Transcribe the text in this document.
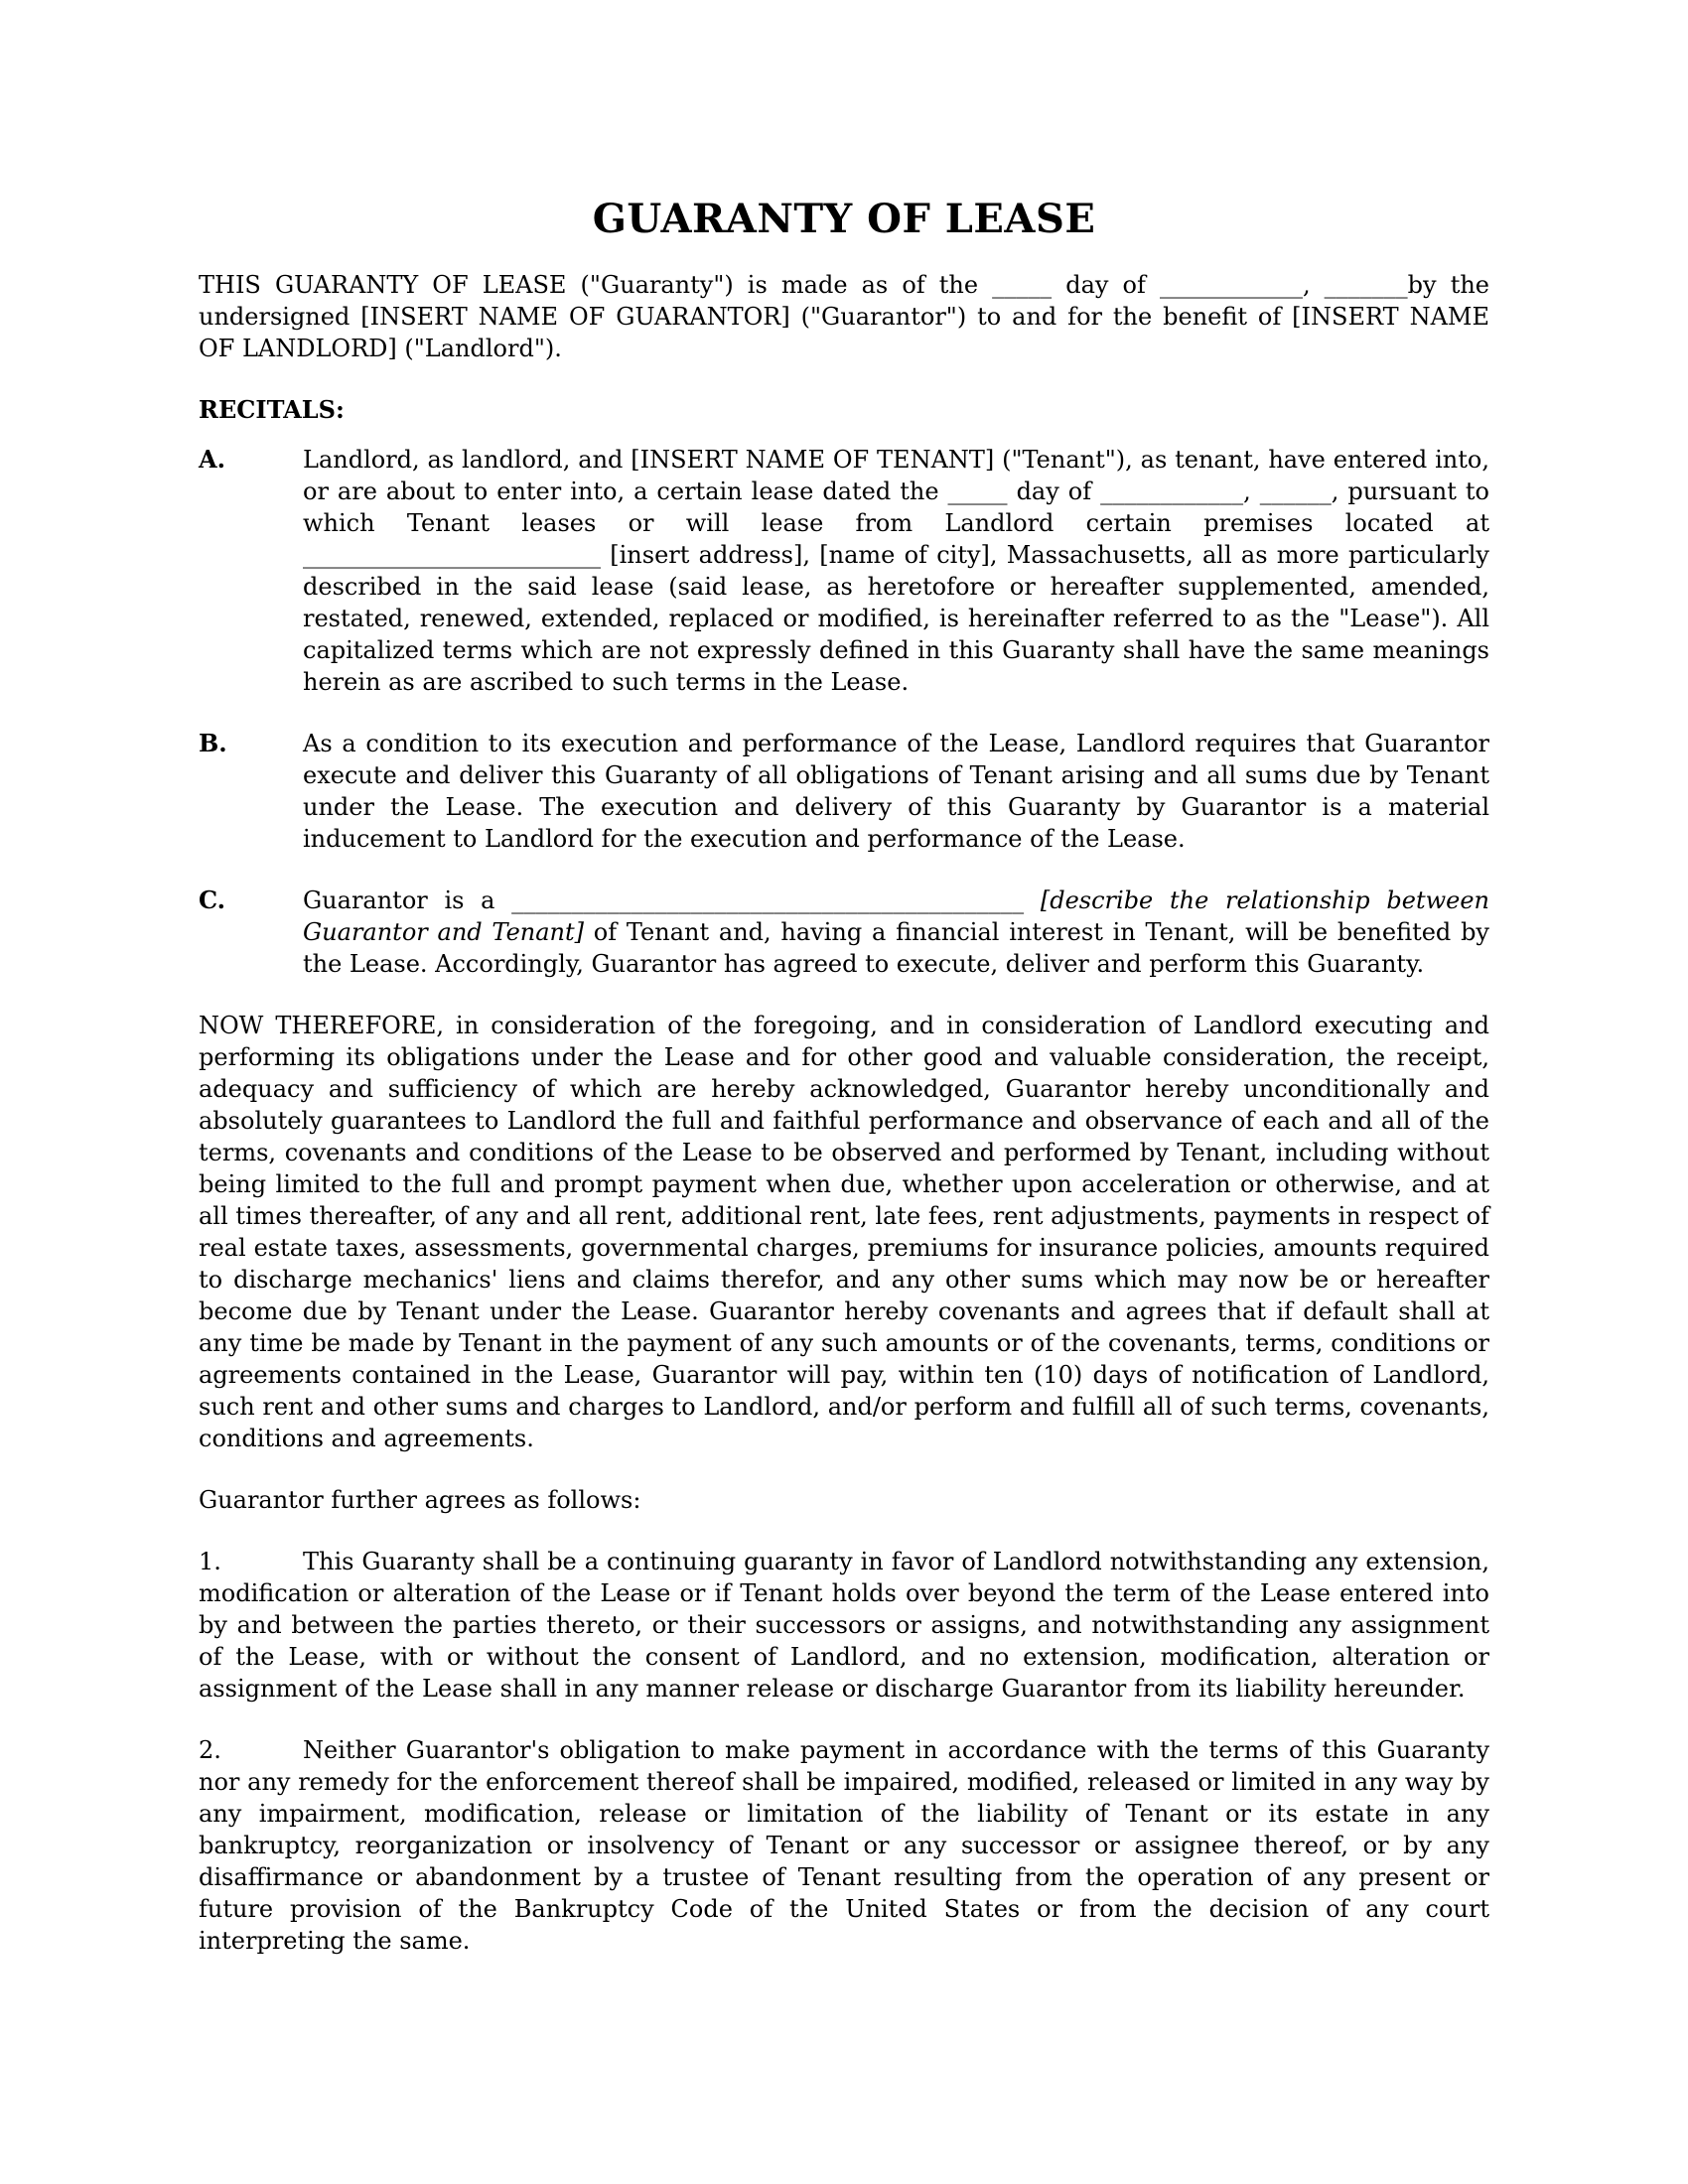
GUARANTY OF LEASE

THIS GUARANTY OF LEASE ("Guaranty") is made as of the _____ day of ____________, _______by the undersigned [INSERT NAME OF GUARANTOR] ("Guarantor") to and for the benefit of [INSERT NAME OF LANDLORD] ("Landlord").

RECITALS:

A.	Landlord, as landlord, and [INSERT NAME OF TENANT] ("Tenant"), as tenant, have entered into, or are about to enter into, a certain lease dated the _____ day of ____________, ______, pursuant to which Tenant leases or will lease from Landlord certain premises located at _________________________ [insert address], [name of city], Massachusetts, all as more particularly described in the said lease (said lease, as heretofore or hereafter supplemented, amended, restated, renewed, extended, replaced or modified, is hereinafter referred to as the "Lease"). All capitalized terms which are not expressly defined in this Guaranty shall have the same meanings herein as are ascribed to such terms in the Lease.

B.	As a condition to its execution and performance of the Lease, Landlord requires that Guarantor execute and deliver this Guaranty of all obligations of Tenant arising and all sums due by Tenant under the Lease. The execution and delivery of this Guaranty by Guarantor is a material inducement to Landlord for the execution and performance of the Lease.

C.	Guarantor is a ___________________________________________ [describe the relationship between Guarantor and Tenant] of Tenant and, having a financial interest in Tenant, will be benefited by the Lease. Accordingly, Guarantor has agreed to execute, deliver and perform this Guaranty.

NOW THEREFORE, in consideration of the foregoing, and in consideration of Landlord executing and performing its obligations under the Lease and for other good and valuable consideration, the receipt, adequacy and sufficiency of which are hereby acknowledged, Guarantor hereby unconditionally and absolutely guarantees to Landlord the full and faithful performance and observance of each and all of the terms, covenants and conditions of the Lease to be observed and performed by Tenant, including without being limited to the full and prompt payment when due, whether upon acceleration or otherwise, and at all times thereafter, of any and all rent, additional rent, late fees, rent adjustments, payments in respect of real estate taxes, assessments, governmental charges, premiums for insurance policies, amounts required to discharge mechanics' liens and claims therefor, and any other sums which may now be or hereafter become due by Tenant under the Lease. Guarantor hereby covenants and agrees that if default shall at any time be made by Tenant in the payment of any such amounts or of the covenants, terms, conditions or agreements contained in the Lease, Guarantor will pay, within ten (10) days of notification of Landlord, such rent and other sums and charges to Landlord, and/or perform and fulfill all of such terms, covenants, conditions and agreements.

Guarantor further agrees as follows:

1.	This Guaranty shall be a continuing guaranty in favor of Landlord notwithstanding any extension, modification or alteration of the Lease or if Tenant holds over beyond the term of the Lease entered into by and between the parties thereto, or their successors or assigns, and notwithstanding any assignment of the Lease, with or without the consent of Landlord, and no extension, modification, alteration or assignment of the Lease shall in any manner release or discharge Guarantor from its liability hereunder.

2.	Neither Guarantor's obligation to make payment in accordance with the terms of this Guaranty nor any remedy for the enforcement thereof shall be impaired, modified, released or limited in any way by any impairment, modification, release or limitation of the liability of Tenant or its estate in any bankruptcy, reorganization or insolvency of Tenant or any successor or assignee thereof, or by any disaffirmance or abandonment by a trustee of Tenant resulting from the operation of any present or future provision of the Bankruptcy Code of the United States or from the decision of any court interpreting the same.
